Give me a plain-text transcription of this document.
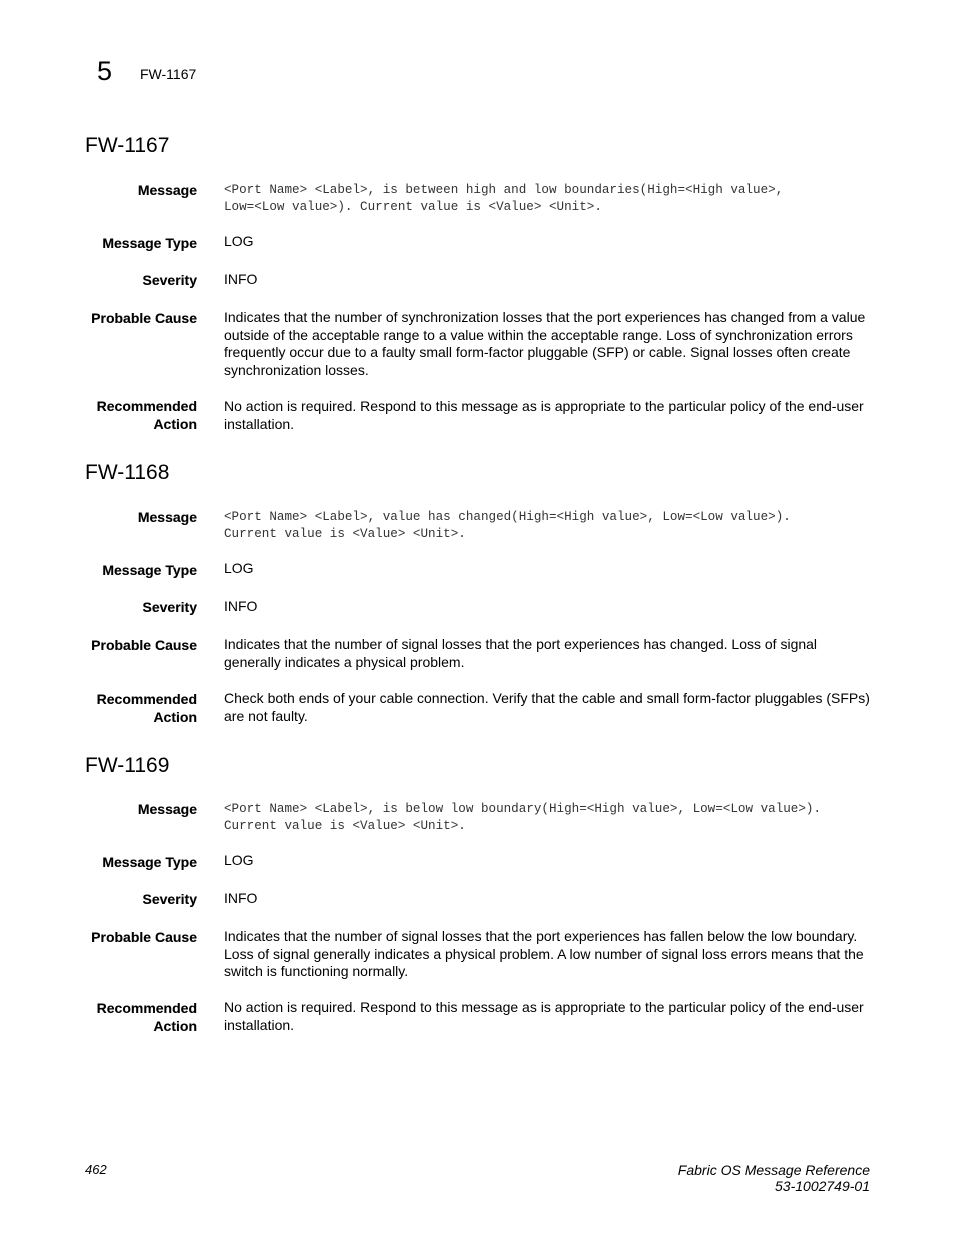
5 FW-1167
FW-1167
Message <Port Name> <Label>, is between high and low boundaries(High=<High value>,
Low=<Low value>). Current value is <Value> <Unit>.
Message Type LOG
Severity INFO
Probable Cause Indicates that the number of synchronization losses that the port experiences has changed from a value outside of the acceptable range to a value within the acceptable range. Loss of synchronization errors frequently occur due to a faulty small form-factor pluggable (SFP) or cable. Signal losses often create synchronization losses.
Recommended
Action
No action is required. Respond to this message as is appropriate to the particular policy of the end-user installation.
FW-1168
Message <Port Name> <Label>, value has changed(High=<High value>, Low=<Low value>).
Current value is <Value> <Unit>.
Message Type LOG
Severity INFO
Probable Cause Indicates that the number of signal losses that the port experiences has changed. Loss of signal generally indicates a physical problem.
Recommended
Action
Check both ends of your cable connection. Verify that the cable and small form-factor pluggables (SFPs) are not faulty.
FW-1169
Message <Port Name> <Label>, is below low boundary(High=<High value>, Low=<Low value>).
Current value is <Value> <Unit>.
Message Type LOG
Severity INFO
Probable Cause Indicates that the number of signal losses that the port experiences has fallen below the low boundary. Loss of signal generally indicates a physical problem. A low number of signal loss errors means that the switch is functioning normally.
Recommended
Action
No action is required. Respond to this message as is appropriate to the particular policy of the end-user installation.
462	Fabric OS Message Reference
53-1002749-01
